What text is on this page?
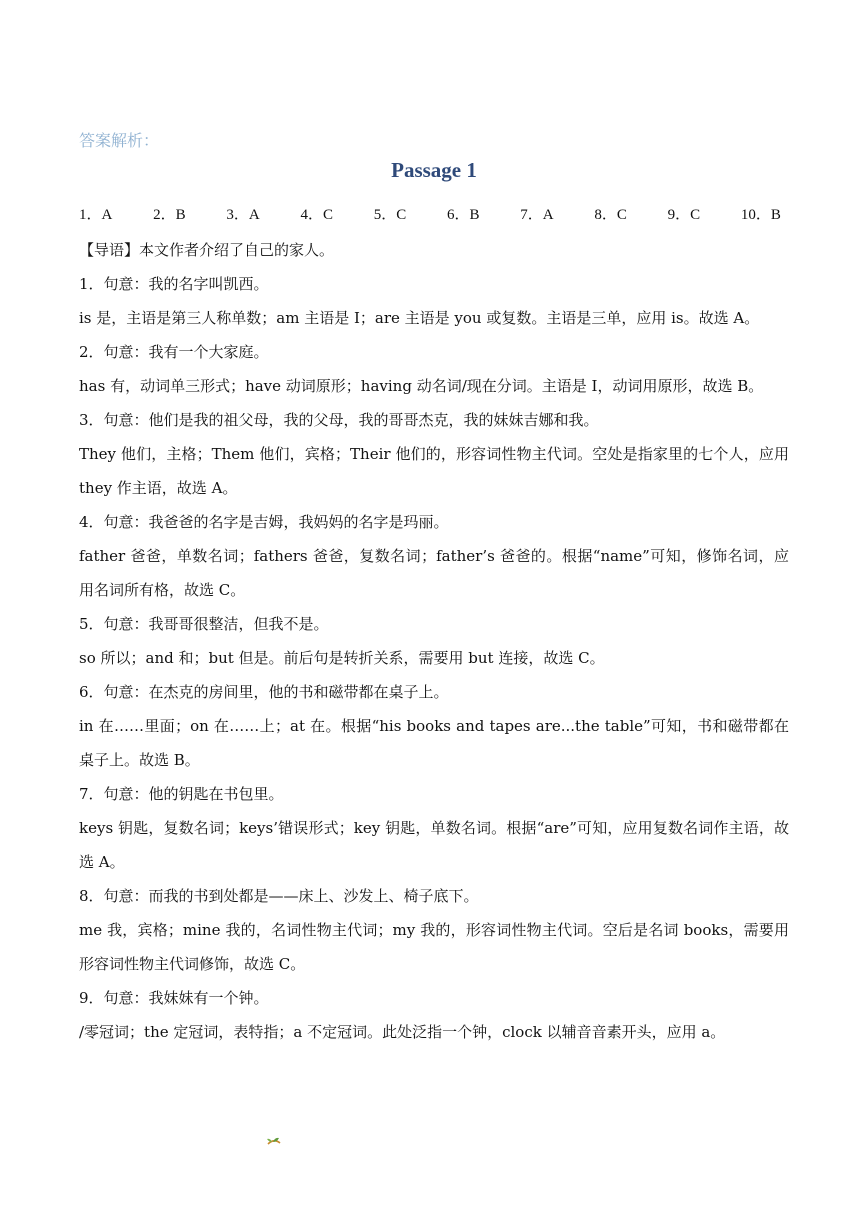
答案解析：
Passage 1
1．A	2．B	3．A	4．C	5．C	6．B	7．A	8．C	9．C	10．B

【导语】本文作者介绍了自己的家人。

1．句意：我的名字叫凯西。

is 是，主语是第三人称单数；am 主语是 I；are 主语是 you 或复数。主语是三单，应用 is。故选 A。

2．句意：我有一个大家庭。

has 有，动词单三形式；have 动词原形；having 动名词/现在分词。主语是 I，动词用原形，故选 B。

3．句意：他们是我的祖父母，我的父母，我的哥哥杰克，我的妹妹吉娜和我。

They 他们，主格；Them 他们，宾格；Their 他们的，形容词性物主代词。空处是指家里的七个人，应用 they 作主语，故选 A。

4．句意：我爸爸的名字是吉姆，我妈妈的名字是玛丽。

father 爸爸，单数名词；fathers 爸爸，复数名词；father’s 爸爸的。根据“name”可知，修饰名词，应用名词所有格，故选 C。

5．句意：我哥哥很整洁，但我不是。

so 所以；and 和；but 但是。前后句是转折关系，需要用 but 连接，故选 C。

6．句意：在杰克的房间里，他的书和磁带都在桌子上。

in 在……里面；on 在……上；at 在。根据“his books and tapes are...the table”可知，书和磁带都在桌子上。故选 B。

7．句意：他的钥匙在书包里。

keys 钥匙，复数名词；keys’错误形式；key 钥匙，单数名词。根据“are”可知，应用复数名词作主语，故选 A。

8．句意：而我的书到处都是——床上、沙发上、椅子底下。

me 我，宾格；mine 我的，名词性物主代词；my 我的，形容词性物主代词。空后是名词 books，需要用形容词性物主代词修饰，故选 C。

9．句意：我妹妹有一个钟。

/零冠词；the 定冠词，表特指；a 不定冠词。此处泛指一个钟，clock 以辅音音素开头，应用 a。
